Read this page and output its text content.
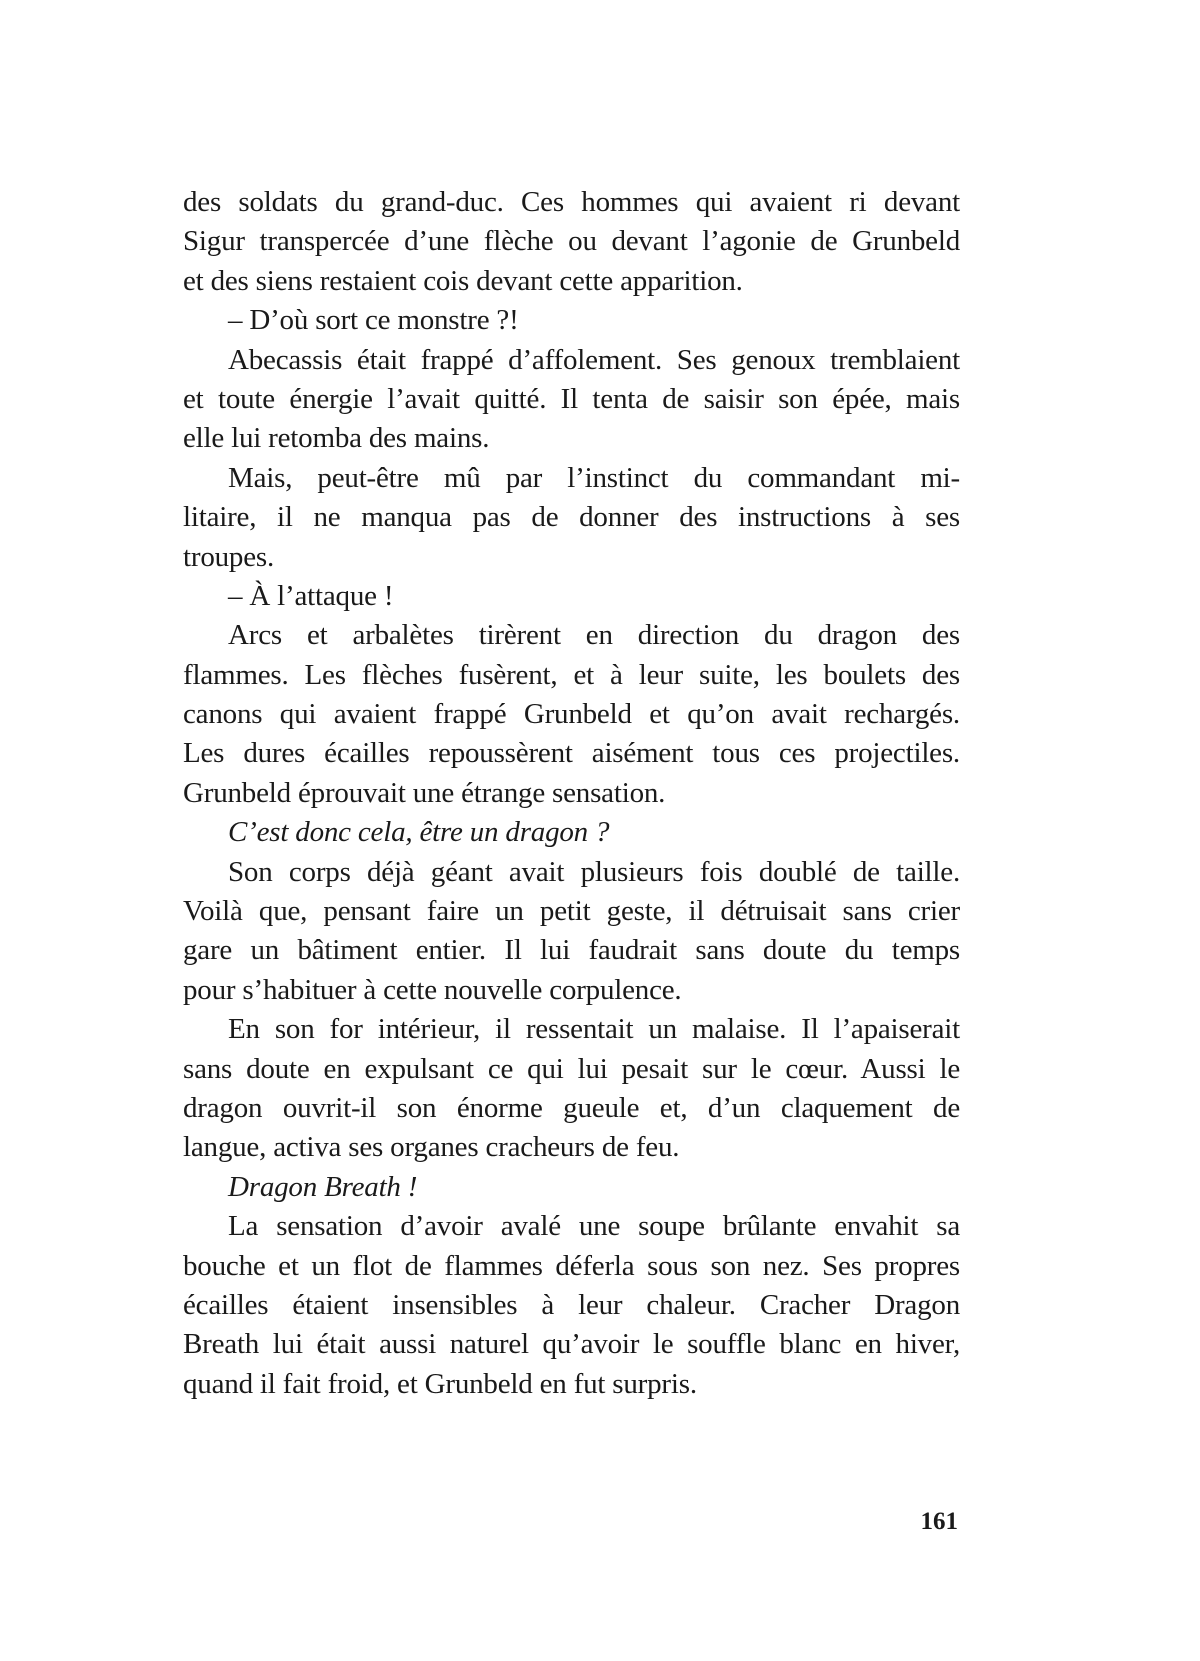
des soldats du grand-duc. Ces hommes qui avaient ri devant
Sigur transpercée d’une flèche ou devant l’agonie de Grunbeld
et des siens restaient cois devant cette apparition.
– D’où sort ce monstre ?!
Abecassis était frappé d’affolement. Ses genoux tremblaient
et toute énergie l’avait quitté. Il tenta de saisir son épée, mais
elle lui retomba des mains.
Mais, peut-être mû par l’instinct du commandant mi-
litaire, il ne manqua pas de donner des instructions à ses
troupes.
– À l’attaque !
Arcs et arbalètes tirèrent en direction du dragon des
flammes. Les flèches fusèrent, et à leur suite, les boulets des
canons qui avaient frappé Grunbeld et qu’on avait rechargés.
Les dures écailles repoussèrent aisément tous ces projectiles.
Grunbeld éprouvait une étrange sensation.
C’est donc cela, être un dragon ?
Son corps déjà géant avait plusieurs fois doublé de taille.
Voilà que, pensant faire un petit geste, il détruisait sans crier
gare un bâtiment entier. Il lui faudrait sans doute du temps
pour s’habituer à cette nouvelle corpulence.
En son for intérieur, il ressentait un malaise. Il l’apaiserait
sans doute en expulsant ce qui lui pesait sur le cœur. Aussi le
dragon ouvrit-il son énorme gueule et, d’un claquement de
langue, activa ses organes cracheurs de feu.
Dragon Breath !
La sensation d’avoir avalé une soupe brûlante envahit sa
bouche et un flot de flammes déferla sous son nez. Ses propres
écailles étaient insensibles à leur chaleur. Cracher Dragon
Breath lui était aussi naturel qu’avoir le souffle blanc en hiver,
quand il fait froid, et Grunbeld en fut surpris.
161
